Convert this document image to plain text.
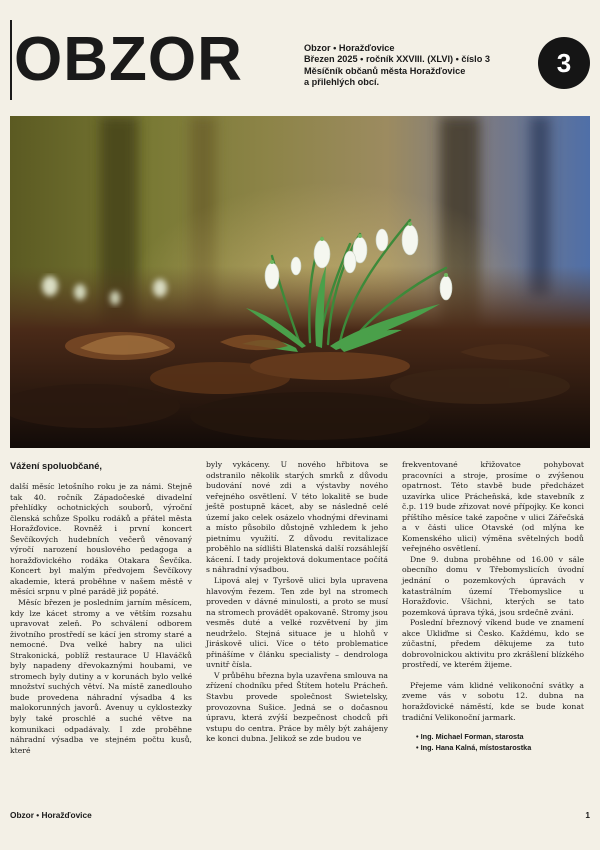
OBZOR	Obzor • Horažďovice
Březen 2025 • ročník XXVIII. (XLVI) • číslo 3
Měsíčník občanů města Horažďovice
a přilehlých obcí.
3
Vážení spoluobčané,

další měsíc letošního roku je za námi. Stejně tak 40. ročník Západočeské divadelní přehlídky ochotnických souborů, výroční členská schůze Spolku rodáků a přátel města Horažďovice. Rovněž i první koncert Ševčíkových hudebních večerů věnovaný výročí narození houslového pedagoga a horažďovického rodáka Otakara Ševčíka. Koncert byl malým předvojem Ševčíkovy akademie, která proběhne v našem městě v měsíci srpnu v plné parádě již popáté.

Měsíc březen je posledním jarním měsícem, kdy lze kácet stromy a ve větším rozsahu upravovat zeleň. Po schválení odborem životního prostředí se kácí jen stromy staré a nemocné. Dva velké habry na ulici Strakonická, poblíž restaurace U Hlaváčků byly napadeny dřevokaznými houbami, ve stromech byly dutiny a v korunách bylo velké množství suchých větví. Na místě zanedlouho bude provedena náhradní výsadba 4 ks malokorunných javorů. Avenuy u cyklostezky byly také proschlé a suché větve na komunikaci odpadávaly. I zde proběhne náhradní výsadba ve stejném počtu kusů, které

byly vykáceny. U nového hřbitova se odstranilo několik starých smrků z důvodu budování nové zdi a výstavby nového veřejného osvětlení. V této lokalitě se bude ještě postupně kácet, aby se následně celé území jako celek osázelo vhodnými dřevinami a místo působilo důstojně vzhledem k jeho pietnímu využití. Z důvodu revitalizace proběhlo na sídlišti Blatenská další rozsáhlejší kácení. I tady projektová dokumentace počítá s náhradní výsadbou.

Lipová alej v Tyršově ulici byla upravena hlavovým řezem. Ten zde byl na stromech proveden v dávné minulosti, a proto se musí na stromech provádět opakovaně. Stromy jsou vesměs duté a velké rozvětvení by jim neudrželo. Stejná situace je u hlohů v Jiráskově ulici. Více o této problematice přinášíme v článku specialisty – dendrologa uvnitř čísla.

V průběhu března byla uzavřena smlouva na zřízení chodníku před Štítem hotelu Prácheň. Stavbu provede společnost Swietelsky, provozovna Sušice. Jedná se o dočasnou úpravu, která zvýší bezpečnost chodců při vstupu do centra. Práce by měly být zahájeny ke konci dubna. Jelikož se zde budou ve

frekventované křižovatce pohybovat pracovníci a stroje, prosíme o zvýšenou opatrnost. Této stavbě bude předcházet uzavírka ulice Prácheňská, kde stavebník z č.p. 119 bude zřizovat nové přípojky. Ke konci příštího měsíce také započne v ulici Zářečská a v části ulice Otavské (od mlýna ke Komenského ulici) výměna světelných bodů veřejného osvětlení.

Dne 9. dubna proběhne od 16.00 v sále obecního domu v Třebomyslicích úvodní jednání o pozemkových úpravách v katastrálním území Třebomyslice u Horažďovic. Všichni, kterých se tato pozemková úprava týká, jsou srdečně zváni.

Poslední březnový víkend bude ve znamení akce Ukliďme si Česko. Každému, kdo se zúčastní, předem děkujeme za tuto dobrovolnickou aktivitu pro zkrášlení blízkého prostředí, ve kterém žijeme.

Přejeme vám klidné velikonoční svátky a zveme vás v sobotu 12. dubna na horažďovické náměstí, kde se bude konat tradiční Velikonoční jarmark.

• Ing. Michael Forman, starosta
• Ing. Hana Kalná, místostarostka
Obzor • Horažďovice	1
